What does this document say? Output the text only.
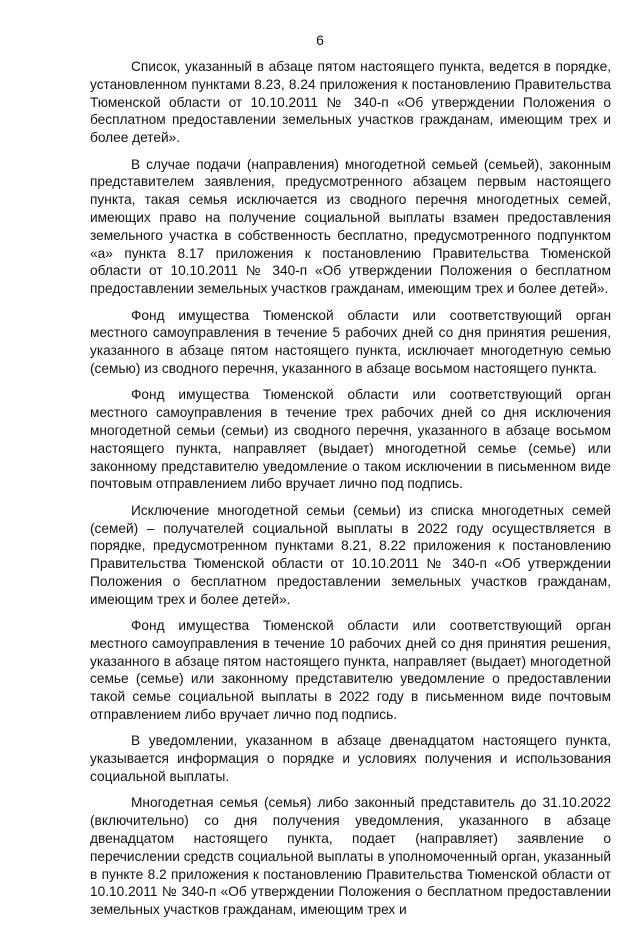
6

Список, указанный в абзаце пятом настоящего пункта, ведется в порядке, установленном пунктами 8.23, 8.24 приложения к постановлению Правительства Тюменской области от 10.10.2011 № 340-п «Об утверждении Положения о бесплатном предоставлении земельных участков гражданам, имеющим трех и более детей».

В случае подачи (направления) многодетной семьей (семьей), законным представителем заявления, предусмотренного абзацем первым настоящего пункта, такая семья исключается из сводного перечня многодетных семей, имеющих право на получение социальной выплаты взамен предоставления земельного участка в собственность бесплатно, предусмотренного подпунктом «а» пункта 8.17 приложения к постановлению Правительства Тюменской области от 10.10.2011 № 340-п «Об утверждении Положения о бесплатном предоставлении земельных участков гражданам, имеющим трех и более детей».

Фонд имущества Тюменской области или соответствующий орган местного самоуправления в течение 5 рабочих дней со дня принятия решения, указанного в абзаце пятом настоящего пункта, исключает многодетную семью (семью) из сводного перечня, указанного в абзаце восьмом настоящего пункта.

Фонд имущества Тюменской области или соответствующий орган местного самоуправления в течение трех рабочих дней со дня исключения многодетной семьи (семьи) из сводного перечня, указанного в абзаце восьмом настоящего пункта, направляет (выдает) многодетной семье (семье) или законному представителю уведомление о таком исключении в письменном виде почтовым отправлением либо вручает лично под подпись.

Исключение многодетной семьи (семьи) из списка многодетных семей (семей) – получателей социальной выплаты в 2022 году осуществляется в порядке, предусмотренном пунктами 8.21, 8.22 приложения к постановлению Правительства Тюменской области от 10.10.2011 № 340-п «Об утверждении Положения о бесплатном предоставлении земельных участков гражданам, имеющим трех и более детей».

Фонд имущества Тюменской области или соответствующий орган местного самоуправления в течение 10 рабочих дней со дня принятия решения, указанного в абзаце пятом настоящего пункта, направляет (выдает) многодетной семье (семье) или законному представителю уведомление о предоставлении такой семье социальной выплаты в 2022 году в письменном виде почтовым отправлением либо вручает лично под подпись.

В уведомлении, указанном в абзаце двенадцатом настоящего пункта, указывается информация о порядке и условиях получения и использования социальной выплаты.

Многодетная семья (семья) либо законный представитель до 31.10.2022 (включительно) со дня получения уведомления, указанного в абзаце двенадцатом настоящего пункта, подает (направляет) заявление о перечислении средств социальной выплаты в уполномоченный орган, указанный в пункте 8.2 приложения к постановлению Правительства Тюменской области от 10.10.2011 № 340-п «Об утверждении Положения о бесплатном предоставлении земельных участков гражданам, имеющим трех и
